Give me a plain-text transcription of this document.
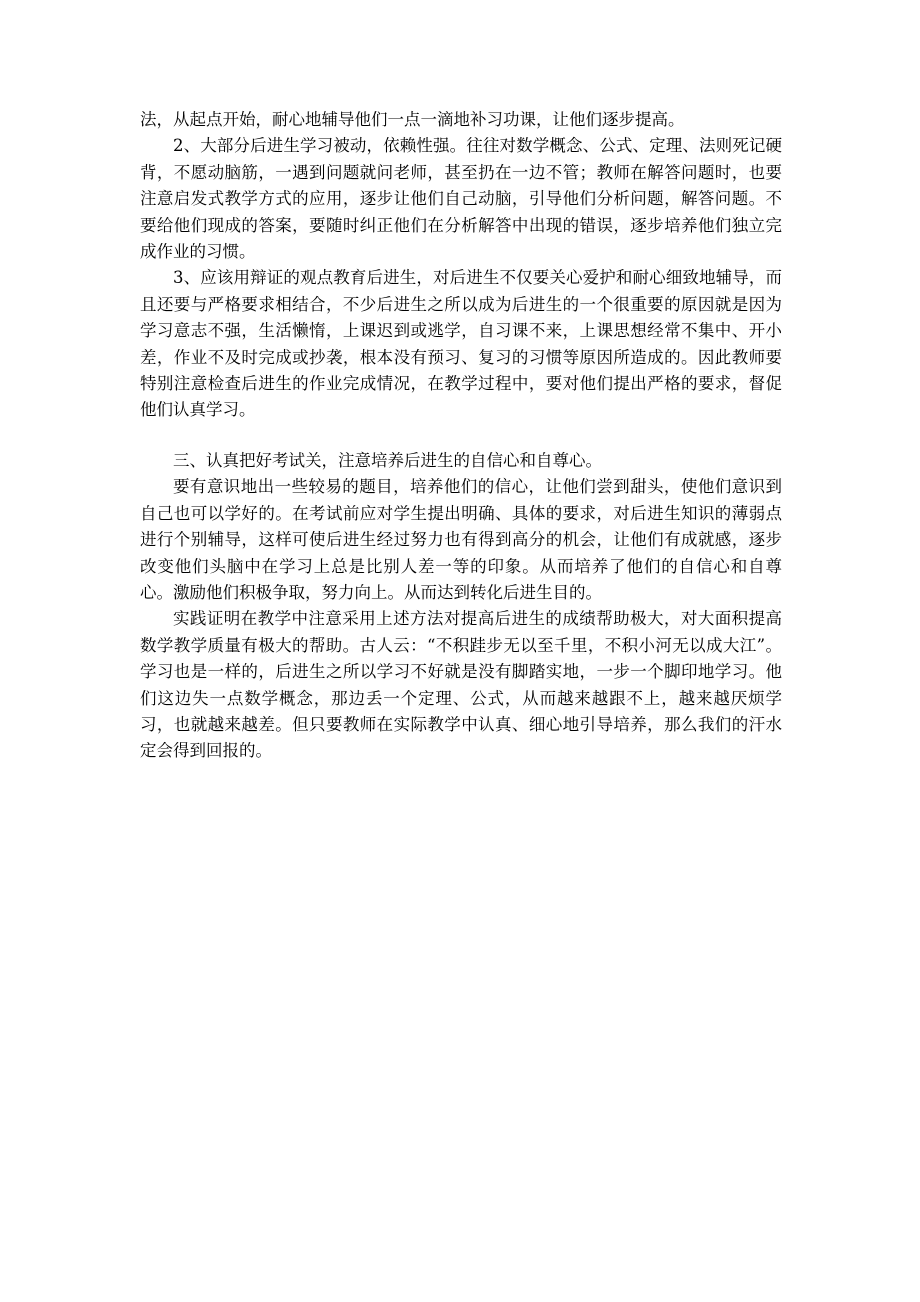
法，从起点开始，耐心地辅导他们一点一滴地补习功课，让他们逐步提高。

2、大部分后进生学习被动，依赖性强。往往对数学概念、公式、定理、法则死记硬背，不愿动脑筋，一遇到问题就问老师，甚至扔在一边不管；教师在解答问题时，也要注意启发式教学方式的应用，逐步让他们自己动脑，引导他们分析问题，解答问题。不要给他们现成的答案，要随时纠正他们在分析解答中出现的错误，逐步培养他们独立完成作业的习惯。

3、应该用辩证的观点教育后进生，对后进生不仅要关心爱护和耐心细致地辅导，而且还要与严格要求相结合，不少后进生之所以成为后进生的一个很重要的原因就是因为学习意志不强，生活懒惰，上课迟到或逃学，自习课不来，上课思想经常不集中、开小差，作业不及时完成或抄袭，根本没有预习、复习的习惯等原因所造成的。因此教师要特别注意检查后进生的作业完成情况，在教学过程中，要对他们提出严格的要求，督促他们认真学习。

三、认真把好考试关，注意培养后进生的自信心和自尊心。

要有意识地出一些较易的题目，培养他们的信心，让他们尝到甜头，使他们意识到自己也可以学好的。在考试前应对学生提出明确、具体的要求，对后进生知识的薄弱点进行个别辅导，这样可使后进生经过努力也有得到高分的机会，让他们有成就感，逐步改变他们头脑中在学习上总是比别人差一等的印象。从而培养了他们的自信心和自尊心。激励他们积极争取，努力向上。从而达到转化后进生目的。

实践证明在教学中注意采用上述方法对提高后进生的成绩帮助极大，对大面积提高数学教学质量有极大的帮助。古人云：“不积跬步无以至千里，不积小河无以成大江”。学习也是一样的，后进生之所以学习不好就是没有脚踏实地，一步一个脚印地学习。他们这边失一点数学概念，那边丢一个定理、公式，从而越来越跟不上，越来越厌烦学习，也就越来越差。但只要教师在实际教学中认真、细心地引导培养，那么我们的汗水定会得到回报的。
